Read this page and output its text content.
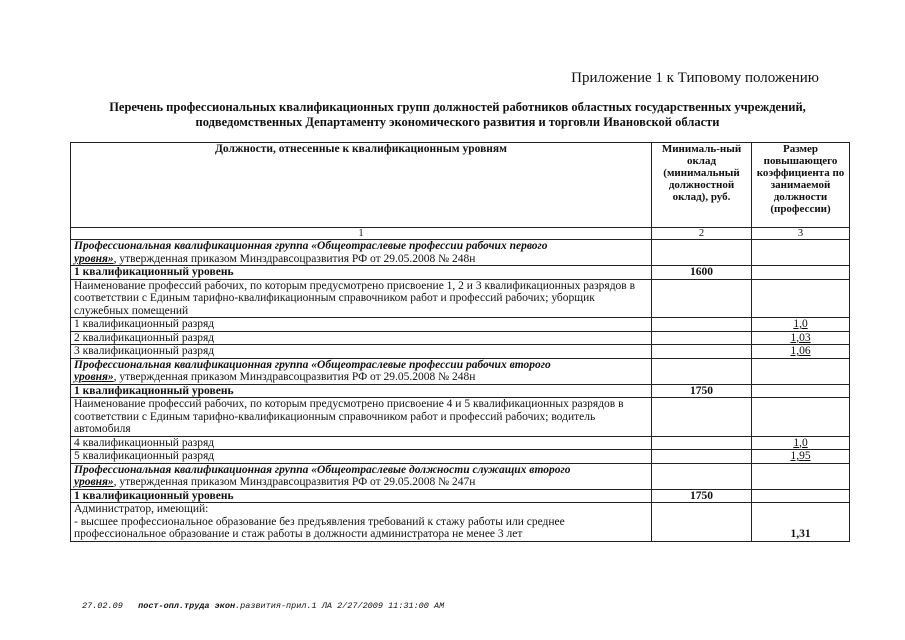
Приложение 1 к Типовому положению
Перечень профессиональных квалификационных групп должностей работников областных государственных учреждений,
подведомственных Департаменту экономического развития и торговли Ивановской области
Должности, отнесенные к квалификационным уровням	Минималь-ный оклад (минимальный должностной оклад), руб.	Размер повышающего коэффициента по занимаемой должности (профессии)
1	2	3
Профессиональная квалификационная группа «Общеотраслевые профессии рабочих первого
уровня», утвержденная приказом Минздравсоцразвития РФ от 29.05.2008 № 248н		
1 квалификационный уровень	1600	
Наименование профессий рабочих, по которым предусмотрено присвоение 1, 2 и 3 квалификационных разрядов в соответствии с Единым тарифно-квалификационным справочником работ и профессий рабочих; уборщик служебных помещений		
1 квалификационный разряд		1,0
2 квалификационный разряд		1,03
3 квалификационный разряд		1,06
Профессиональная квалификационная группа «Общеотраслевые профессии рабочих второго
уровня», утвержденная приказом Минздравсоцразвития РФ от 29.05.2008 № 248н		
1 квалификационный уровень	1750	
Наименование профессий рабочих, по которым предусмотрено присвоение 4 и 5 квалификационных разрядов в соответствии с Единым тарифно-квалификационным справочником работ и профессий рабочих; водитель автомобиля		
4 квалификационный разряд		1,0
5 квалификационный разряд		1,95
Профессиональная квалификационная группа «Общеотраслевые должности служащих второго
уровня», утвержденная приказом Минздравсоцразвития РФ от 29.05.2008 № 247н		
1 квалификационный уровень	1750	
Администратор, имеющий:
- высшее профессиональное образование без предъявления требований к стажу работы или среднее профессиональное образование и стаж работы в должности администратора не менее 3 лет		1,31
27.02.09 пост-опл.труда экон.развития-прил.1 ЛА 2/27/2009 11:31:00 AM
